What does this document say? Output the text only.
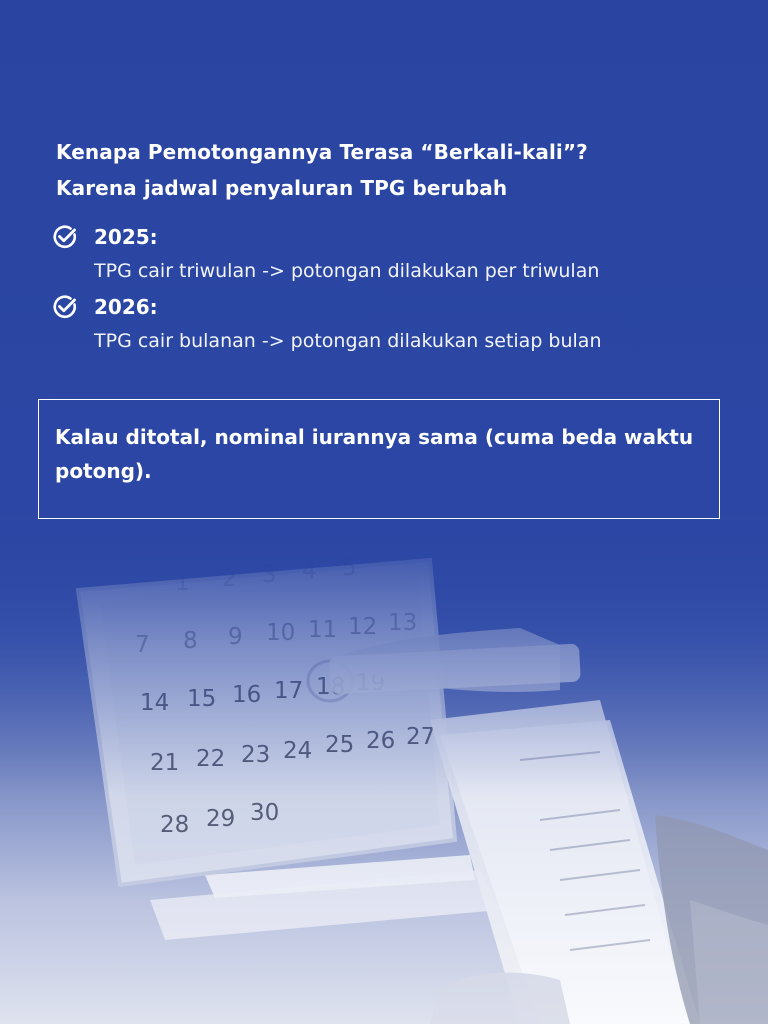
Kenapa Pemotongannya Terasa “Berkali-kali”?
Karena jadwal penyaluran TPG berubah
2025:
TPG cair triwulan -> potongan dilakukan per triwulan
2026:
TPG cair bulanan -> potongan dilakukan setiap bulan
Kalau ditotal, nominal iurannya sama (cuma beda waktu potong).
